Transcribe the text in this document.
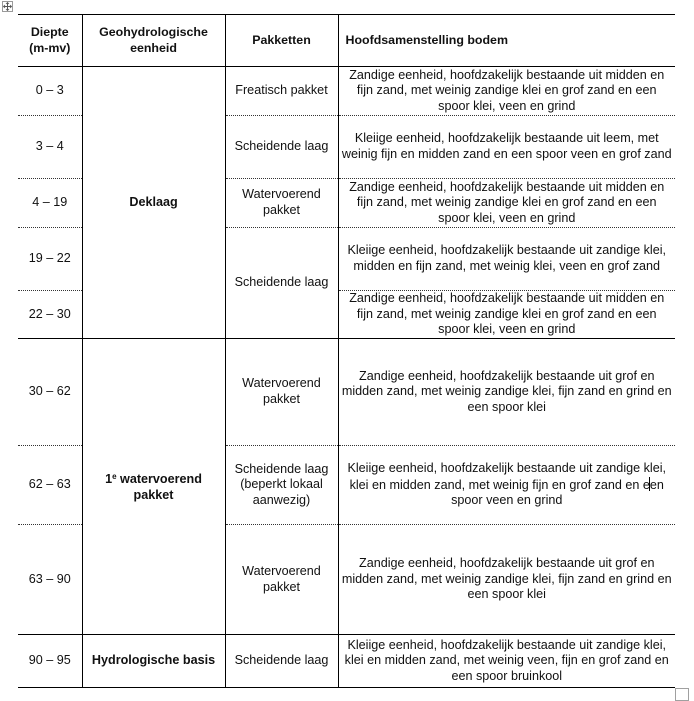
Diepte (m-mv)	Geohydrologische eenheid	Pakketten	Hoofdsamenstelling bodem
0 – 3	Deklaag	Freatisch pakket	Zandige eenheid, hoofdzakelijk bestaande uit midden en fijn zand, met weinig zandige klei en grof zand en een spoor klei, veen en grind
3 – 4		Scheidende laag	Kleiige eenheid, hoofdzakelijk bestaande uit leem, met weinig fijn en midden zand en een spoor veen en grof zand
4 – 19		Watervoerend pakket	Zandige eenheid, hoofdzakelijk bestaande uit midden en fijn zand, met weinig zandige klei en grof zand en een spoor klei, veen en grind
19 – 22		Scheidende laag	Kleiige eenheid, hoofdzakelijk bestaande uit zandige klei, midden en fijn zand, met weinig klei, veen en grof zand
22 – 30			Zandige eenheid, hoofdzakelijk bestaande uit midden en fijn zand, met weinig zandige klei en grof zand en een spoor klei, veen en grind
30 – 62	1e watervoerend pakket	Watervoerend pakket	Zandige eenheid, hoofdzakelijk bestaande uit grof en midden zand, met weinig zandige klei, fijn zand en grind en een spoor klei
62 – 63		Scheidende laag (beperkt lokaal aanwezig)	Kleiige eenheid, hoofdzakelijk bestaande uit zandige klei, klei en midden zand, met weinig fijn en grof zand en een spoor veen en grind
63 – 90		Watervoerend pakket	Zandige eenheid, hoofdzakelijk bestaande uit grof en midden zand, met weinig zandige klei, fijn zand en grind en een spoor klei
90 – 95	Hydrologische basis	Scheidende laag	Kleiige eenheid, hoofdzakelijk bestaande uit zandige klei, klei en midden zand, met weinig veen, fijn en grof zand en een spoor bruinkool
